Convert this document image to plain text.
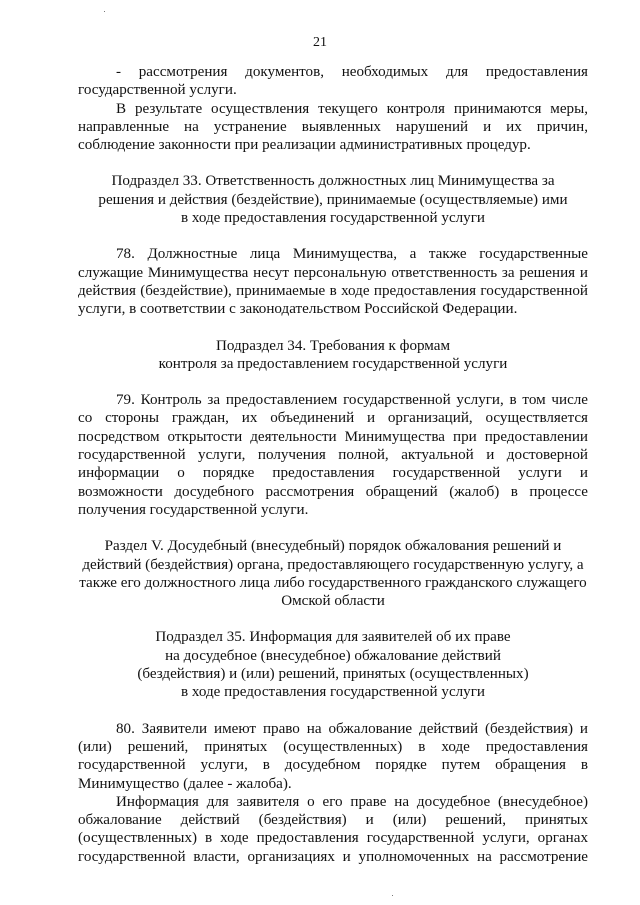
21

- рассмотрения документов, необходимых для предоставления

государственной услуги.

В результате осуществления текущего контроля принимаются меры, направленные на устранение выявленных нарушений и их причин, соблюдение законности при реализации административных процедур.

Подраздел 33. Ответственность должностных лиц Минимущества за

решения и действия (бездействие), принимаемые (осуществляемые) ими

в ходе предоставления государственной услуги

78. Должностные лица Минимущества, а также государственные служащие Минимущества несут персональную ответственность за решения и действия (бездействие), принимаемые в ходе предоставления государственной услуги, в соответствии с законодательством Российской Федерации.

Подраздел 34. Требования к формам

контроля за предоставлением государственной услуги

79. Контроль за предоставлением государственной услуги, в том числе со стороны граждан, их объединений и организаций, осуществляется посредством открытости деятельности Минимущества при предоставлении государственной услуги, получения полной, актуальной и достоверной информации о порядке предоставления государственной услуги и возможности досудебного рассмотрения обращений (жалоб) в процессе получения государственной услуги.

Раздел V. Досудебный (внесудебный) порядок обжалования решений и

действий (бездействия) органа, предоставляющего государственную услугу, а

также его должностного лица либо государственного гражданского служащего

Омской области

Подраздел 35. Информация для заявителей об их праве

на досудебное (внесудебное) обжалование действий

(бездействия) и (или) решений, принятых (осуществленных)

в ходе предоставления государственной услуги

80. Заявители имеют право на обжалование действий (бездействия) и (или) решений, принятых (осуществленных) в ходе предоставления государственной услуги, в досудебном порядке путем обращения в Минимущество (далее - жалоба).

Информация для заявителя о его праве на досудебное (внесудебное) обжалование действий (бездействия) и (или) решений, принятых (осуществленных) в ходе предоставления государственной услуги, органах государственной власти, организациях и уполномоченных на рассмотрение
